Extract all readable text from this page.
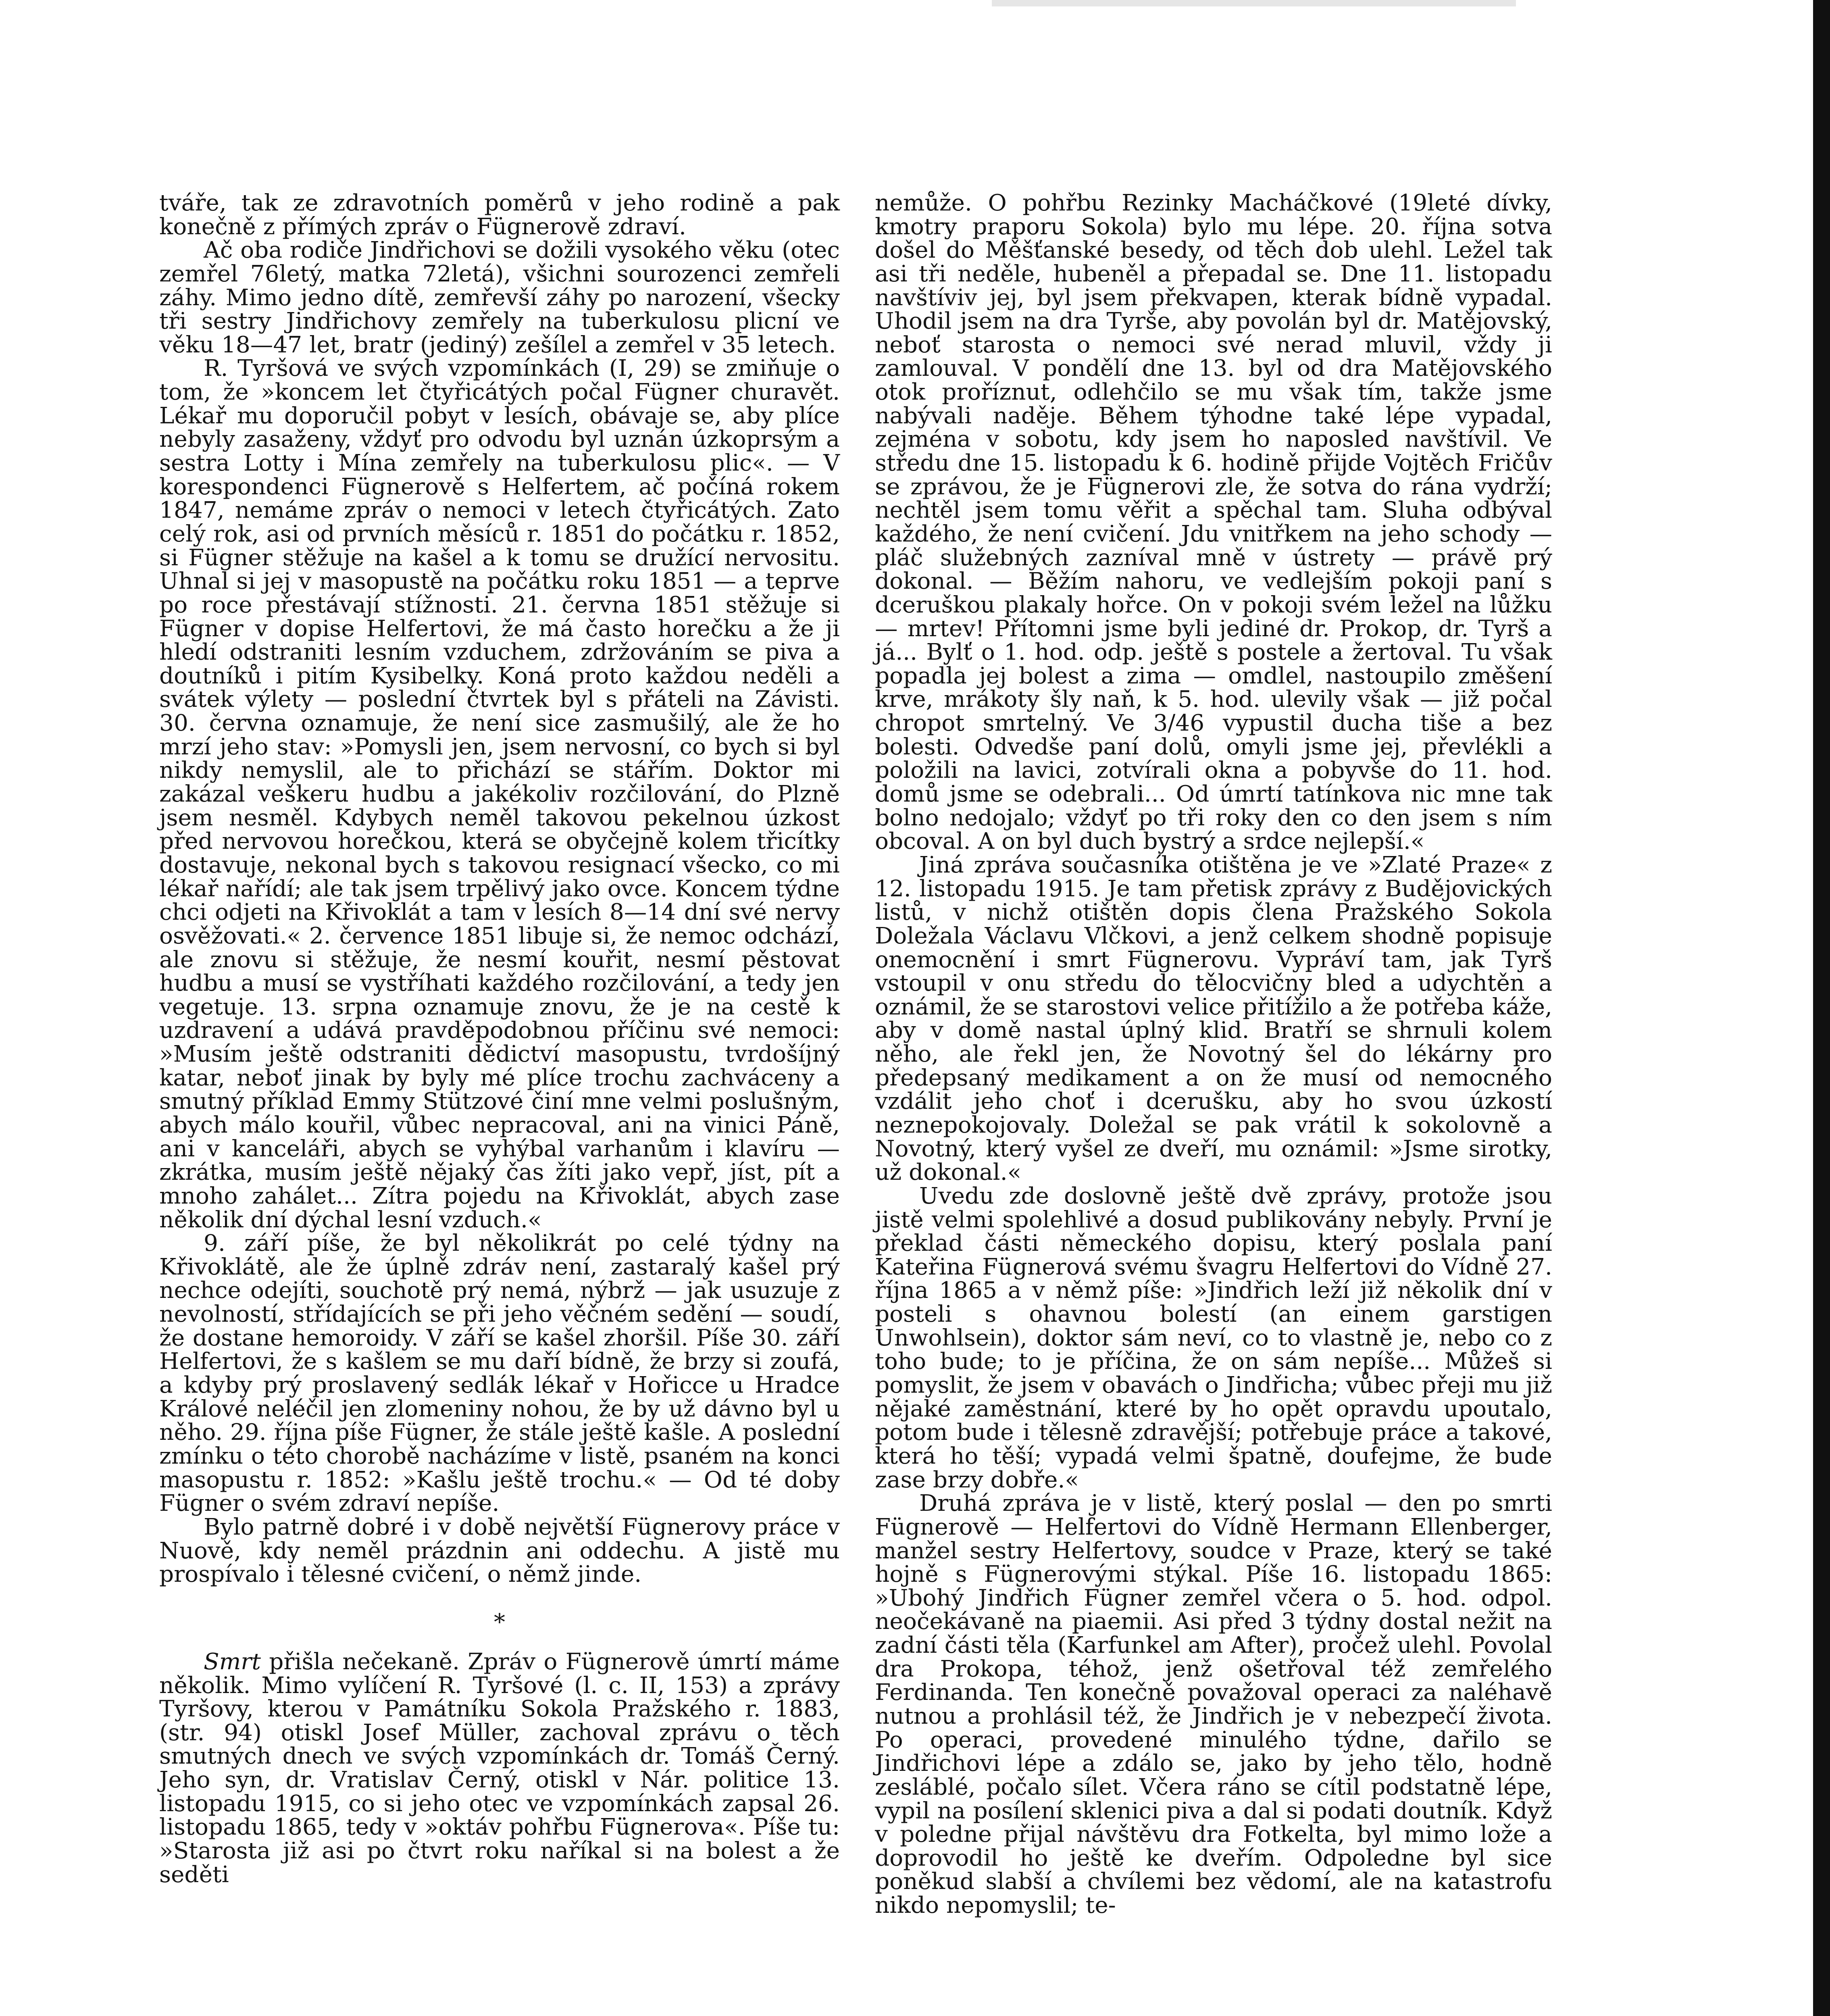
tváře, tak ze zdravotních poměrů v jeho rodině a pak konečně z přímých zpráv o Fügnerově zdraví.

Ač oba rodiče Jindřichovi se dožili vysokého věku (otec zemřel 76letý, matka 72letá), všichni sourozenci zemřeli záhy. Mimo jedno dítě, zemřevší záhy po narození, všecky tři sestry Jindřichovy zemřely na tuberkulosu plicní ve věku 18—47 let, bratr (jediný) zešílel a zemřel v 35 letech.

R. Tyršová ve svých vzpomínkách (I, 29) se zmiňuje o tom, že »koncem let čtyřicátých počal Fügner churavět. Lékař mu doporučil pobyt v lesích, obávaje se, aby plíce nebyly zasaženy, vždyť pro odvodu byl uznán úzkoprsým a sestra Lotty i Mína zemřely na tuberkulosu plic«. — V korespondenci Fügnerově s Helfertem, ač počíná rokem 1847, nemáme zpráv o nemoci v letech čtyřicátých. Zato celý rok, asi od prvních měsíců r. 1851 do počátku r. 1852, si Fügner stěžuje na kašel a k tomu se družící nervositu. Uhnal si jej v masopustě na počátku roku 1851 — a teprve po roce přestávají stížnosti. 21. června 1851 stěžuje si Fügner v dopise Helfertovi, že má často horečku a že ji hledí odstraniti lesním vzduchem, zdržováním se piva a doutníků i pitím Kysibelky. Koná proto každou neděli a svátek výlety — poslední čtvrtek byl s přáteli na Závisti. 30. června oznamuje, že není sice zasmušilý, ale že ho mrzí jeho stav: »Pomysli jen, jsem nervosní, co bych si byl nikdy nemyslil, ale to přichází se stářím. Doktor mi zakázal veškeru hudbu a jakékoliv rozčilování, do Plzně jsem nesměl. Kdybych neměl takovou pekelnou úzkost před nervovou horečkou, která se obyčejně kolem třicítky dostavuje, nekonal bych s takovou resignací všecko, co mi lékař nařídí; ale tak jsem trpělivý jako ovce. Koncem týdne chci odjeti na Křivoklát a tam v lesích 8—14 dní své nervy osvěžovati.« 2. července 1851 libuje si, že nemoc odchází, ale znovu si stěžuje, že nesmí kouřit, nesmí pěstovat hudbu a musí se vystříhati každého rozčilování, a tedy jen vegetuje. 13. srpna oznamuje znovu, že je na cestě k uzdravení a udává pravděpodobnou příčinu své nemoci: »Musím ještě odstraniti dědictví masopustu, tvrdošíjný katar, neboť jinak by byly mé plíce trochu zachváceny a smutný příklad Emmy Stützové činí mne velmi poslušným, abych málo kouřil, vůbec nepracoval, ani na vinici Páně, ani v kanceláři, abych se vyhýbal varhanům i klavíru — zkrátka, musím ještě nějaký čas žíti jako vepř, jíst, pít a mnoho zahálet... Zítra pojedu na Křivoklát, abych zase několik dní dýchal lesní vzduch.«

9. září píše, že byl několikrát po celé týdny na Křivoklátě, ale že úplně zdráv není, zastaralý kašel prý nechce odejíti, souchotě prý nemá, nýbrž — jak usuzuje z nevolností, střídajících se při jeho věčném sedění — soudí, že dostane hemoroidy. V září se kašel zhoršil. Píše 30. září Helfertovi, že s kašlem se mu daří bídně, že brzy si zoufá, a kdyby prý proslavený sedlák lékař v Hořicce u Hradce Králové neléčil jen zlomeniny nohou, že by už dávno byl u něho. 29. října píše Fügner, že stále ještě kašle. A poslední zmínku o této chorobě nacházíme v listě, psaném na konci masopustu r. 1852: »Kašlu ještě trochu.« — Od té doby Fügner o svém zdraví nepíše.

Bylo patrně dobré i v době největší Fügnerovy práce v Nuově, kdy neměl prázdnin ani oddechu. A jistě mu prospívalo i tělesné cvičení, o němž jinde.

*

Smrt přišla nečekaně. Zpráv o Fügnerově úmrtí máme několik. Mimo vylíčení R. Tyršové (l. c. II, 153) a zprávy Tyršovy, kterou v Památníku Sokola Pražského r. 1883, (str. 94) otiskl Josef Müller, zachoval zprávu o těch smutných dnech ve svých vzpomínkách dr. Tomáš Černý. Jeho syn, dr. Vratislav Černý, otiskl v Nár. politice 13. listopadu 1915, co si jeho otec ve vzpomínkách zapsal 26. listopadu 1865, tedy v »oktáv pohřbu Fügnerova«. Píše tu: »Starosta již asi po čtvrt roku naříkal si na bolest a že seděti

nemůže. O pohřbu Rezinky Macháčkové (19leté dívky, kmotry praporu Sokola) bylo mu lépe. 20. října sotva došel do Měšťanské besedy, od těch dob ulehl. Ležel tak asi tři neděle, hubeněl a přepadal se. Dne 11. listopadu navštíviv jej, byl jsem překvapen, kterak bídně vypadal. Uhodil jsem na dra Tyrše, aby povolán byl dr. Matějovský, neboť starosta o nemoci své nerad mluvil, vždy ji zamlouval. V pondělí dne 13. byl od dra Matějovského otok proříznut, odlehčilo se mu však tím, takže jsme nabývali naděje. Během týhodne také lépe vypadal, zejména v sobotu, kdy jsem ho naposled navštívil. Ve středu dne 15. listopadu k 6. hodině přijde Vojtěch Fričův se zprávou, že je Fügnerovi zle, že sotva do rána vydrží; nechtěl jsem tomu věřit a spěchal tam. Sluha odbýval každého, že není cvičení. Jdu vnitřkem na jeho schody — pláč služebných zazníval mně v ústrety — právě prý dokonal. — Běžím nahoru, ve vedlejším pokoji paní s dceruškou plakaly hořce. On v pokoji svém ležel na lůžku — mrtev! Přítomni jsme byli jediné dr. Prokop, dr. Tyrš a já... Bylť o 1. hod. odp. ještě s postele a žertoval. Tu však popadla jej bolest a zima — omdlel, nastoupilo změšení krve, mrákoty šly naň, k 5. hod. ulevily však — již počal chropot smrtelný. Ve 3/46 vypustil ducha tiše a bez bolesti. Odvedše paní dolů, omyli jsme jej, převlékli a položili na lavici, zotvírali okna a pobyvše do 11. hod. domů jsme se odebrali... Od úmrtí tatínkova nic mne tak bolno nedojalo; vždyť po tři roky den co den jsem s ním obcoval. A on byl duch bystrý a srdce nejlepší.«

Jiná zpráva současníka otištěna je ve »Zlaté Praze« z 12. listopadu 1915. Je tam přetisk zprávy z Budějovických listů, v nichž otištěn dopis člena Pražského Sokola Doležala Václavu Vlčkovi, a jenž celkem shodně popisuje onemocnění i smrt Fügnerovu. Vypráví tam, jak Tyrš vstoupil v onu středu do tělocvičny bled a udychtěn a oznámil, že se starostovi velice přitížilo a že potřeba káže, aby v domě nastal úplný klid. Bratří se shrnuli kolem něho, ale řekl jen, že Novotný šel do lékárny pro předepsaný medikament a on že musí od nemocného vzdálit jeho choť i dcerušku, aby ho svou úzkostí neznepokojovaly. Doležal se pak vrátil k sokolovně a Novotný, který vyšel ze dveří, mu oznámil: »Jsme sirotky, už dokonal.«

Uvedu zde doslovně ještě dvě zprávy, protože jsou jistě velmi spolehlivé a dosud publikovány nebyly. První je překlad části německého dopisu, který poslala paní Kateřina Fügnerová svému švagru Helfertovi do Vídně 27. října 1865 a v němž píše: »Jindřich leží již několik dní v posteli s ohavnou bolestí (an einem garstigen Unwohlsein), doktor sám neví, co to vlastně je, nebo co z toho bude; to je příčina, že on sám nepíše... Můžeš si pomyslit, že jsem v obavách o Jindřicha; vůbec přeji mu již nějaké zaměstnání, které by ho opět opravdu upoutalo, potom bude i tělesně zdravější; potřebuje práce a takové, která ho těší; vypadá velmi špatně, doufejme, že bude zase brzy dobře.«

Druhá zpráva je v listě, který poslal — den po smrti Fügnerově — Helfertovi do Vídně Hermann Ellenberger, manžel sestry Helfertovy, soudce v Praze, který se také hojně s Fügnerovými stýkal. Píše 16. listopadu 1865: »Ubohý Jindřich Fügner zemřel včera o 5. hod. odpol. neočekávaně na piaemii. Asi před 3 týdny dostal nežit na zadní části těla (Karfunkel am After), pročež ulehl. Povolal dra Prokopa, téhož, jenž ošetřoval též zemřelého Ferdinanda. Ten konečně považoval operaci za naléhavě nutnou a prohlásil též, že Jindřich je v nebezpečí života. Po operaci, provedené minulého týdne, dařilo se Jindřichovi lépe a zdálo se, jako by jeho tělo, hodně zesláblé, počalo sílet. Včera ráno se cítil podstatně lépe, vypil na posílení sklenici piva a dal si podati doutník. Když v poledne přijal návštěvu dra Fotkelta, byl mimo lože a doprovodil ho ještě ke dveřím. Odpoledne byl sice poněkud slabší a chvílemi bez vědomí, ale na katastrofu nikdo nepomyslil; te-
